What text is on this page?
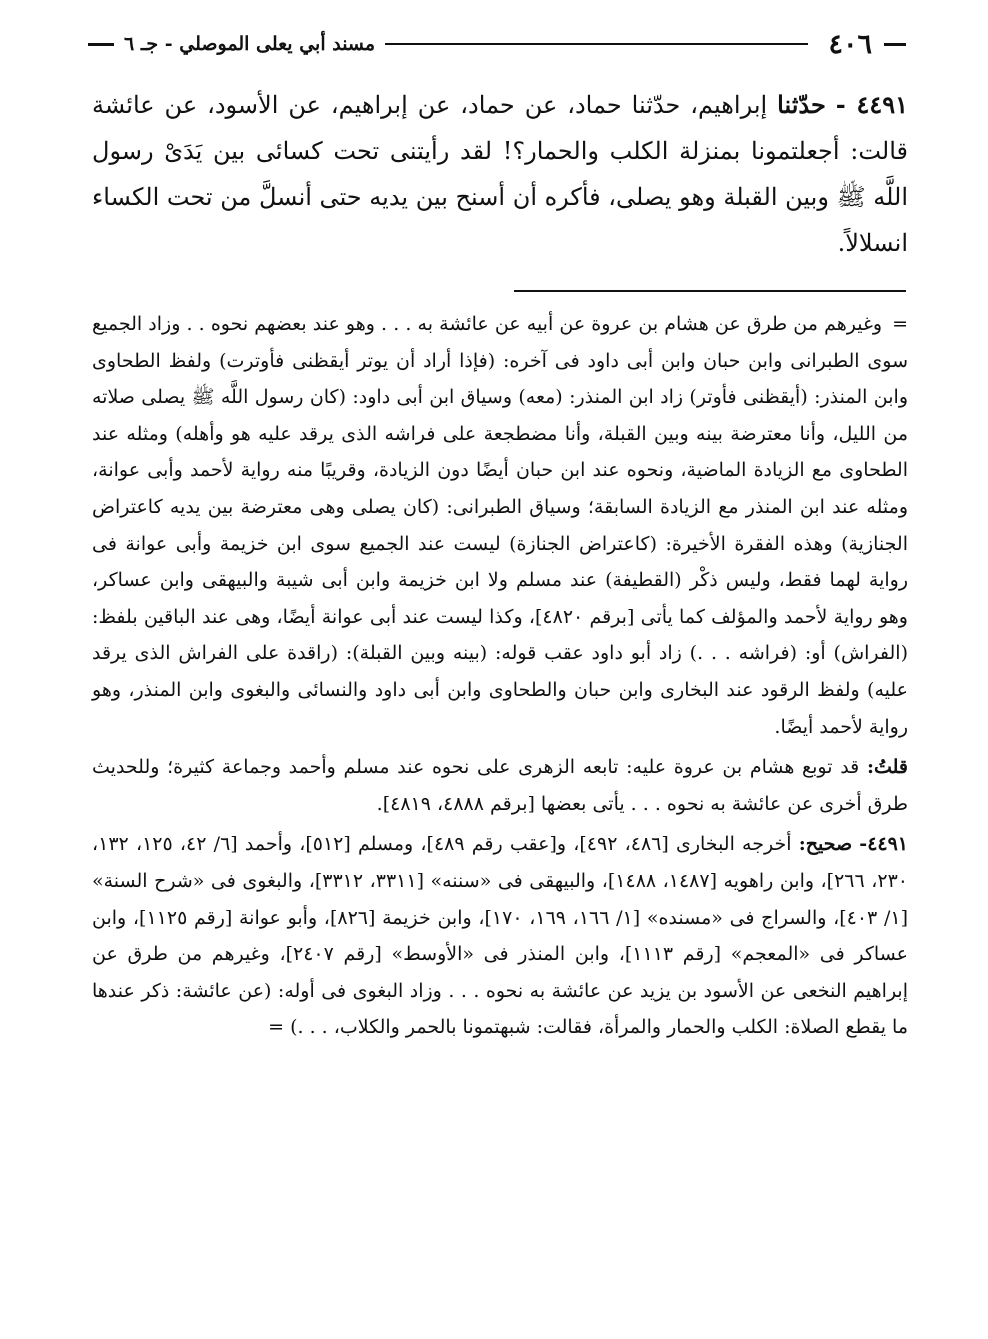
٤٠٦
مسند أبي يعلى الموصلي - جـ ٦
٤٤٩١ - حدّثنا إبراهيم، حدّثنا حماد، عن حماد، عن إبراهيم، عن الأسود، عن عائشة قالت: أجعلتمونا بمنزلة الكلب والحمار؟! لقد رأيتنى تحت كسائى بين يَدَىْ رسول اللَّه ﷺ وبين القبلة وهو يصلى، فأكره أن أسنح بين يديه حتى أنسلَّ من تحت الكساء انسلالاً.

=وغيرهم من طرق عن هشام بن عروة عن أبيه عن عائشة به . . . وهو عند بعضهم نحوه . . وزاد الجميع سوى الطبرانى وابن حبان وابن أبى داود فى آخره: (فإذا أراد أن يوتر أيقظنى فأوترت) ولفظ الطحاوى وابن المنذر: (أيقظنى فأوتر) زاد ابن المنذر: (معه) وسياق ابن أبى داود: (كان رسول اللَّه ﷺ يصلى صلاته من الليل، وأنا معترضة بينه وبين القبلة، وأنا مضطجعة على فراشه الذى يرقد عليه هو وأهله) ومثله عند الطحاوى مع الزيادة الماضية، ونحوه عند ابن حبان أيضًا دون الزيادة، وقريبًا منه رواية لأحمد وأبى عوانة، ومثله عند ابن المنذر مع الزيادة السابقة؛ وسياق الطبرانى: (كان يصلى وهى معترضة بين يديه كاعتراض الجنازية) وهذه الفقرة الأخيرة: (كاعتراض الجنازة) ليست عند الجميع سوى ابن خزيمة وأبى عوانة فى رواية لهما فقط، وليس ذكْر (القطيفة) عند مسلم ولا ابن خزيمة وابن أبى شيبة والبيهقى وابن عساكر، وهو رواية لأحمد والمؤلف كما يأتى [برقم ٤٨٢٠]، وكذا ليست عند أبى عوانة أيضًا، وهى عند الباقين بلفظ: (الفراش) أو: (فراشه . . .) زاد أبو داود عقب قوله: (بينه وبين القبلة): (راقدة على الفراش الذى يرقد عليه) ولفظ الرقود عند البخارى وابن حبان والطحاوى وابن أبى داود والنسائى والبغوى وابن المنذر، وهو رواية لأحمد أيضًا.

قلتُ: قد توبع هشام بن عروة عليه: تابعه الزهرى على نحوه عند مسلم وأحمد وجماعة كثيرة؛ وللحديث طرق أخرى عن عائشة به نحوه . . . يأتى بعضها [برقم ٤٨٨٨، ٤٨١٩].

٤٤٩١- صحيح: أخرجه البخارى [٤٨٦، ٤٩٢]، و[عقب رقم ٤٨٩]، ومسلم [٥١٢]، وأحمد [٦/ ٤٢، ١٢٥، ١٣٢، ٢٣٠، ٢٦٦]، وابن راهويه [١٤٨٧، ١٤٨٨]، والبيهقى فى «سننه» [٣٣١١، ٣٣١٢]، والبغوى فى «شرح السنة» [١/ ٤٠٣]، والسراج فى «مسنده» [١/ ١٦٦، ١٦٩، ١٧٠]، وابن خزيمة [٨٢٦]، وأبو عوانة [رقم ١١٢٥]، وابن عساكر فى «المعجم» [رقم ١١١٣]، وابن المنذر فى «الأوسط» [رقم ٢٤٠٧]، وغيرهم من طرق عن إبراهيم النخعى عن الأسود بن يزيد عن عائشة به نحوه . . . وزاد البغوى فى أوله: (عن عائشة: ذكر عندها ما يقطع الصلاة: الكلب والحمار والمرأة، فقالت: شبهتمونا بالحمر والكلاب، . . .) =
